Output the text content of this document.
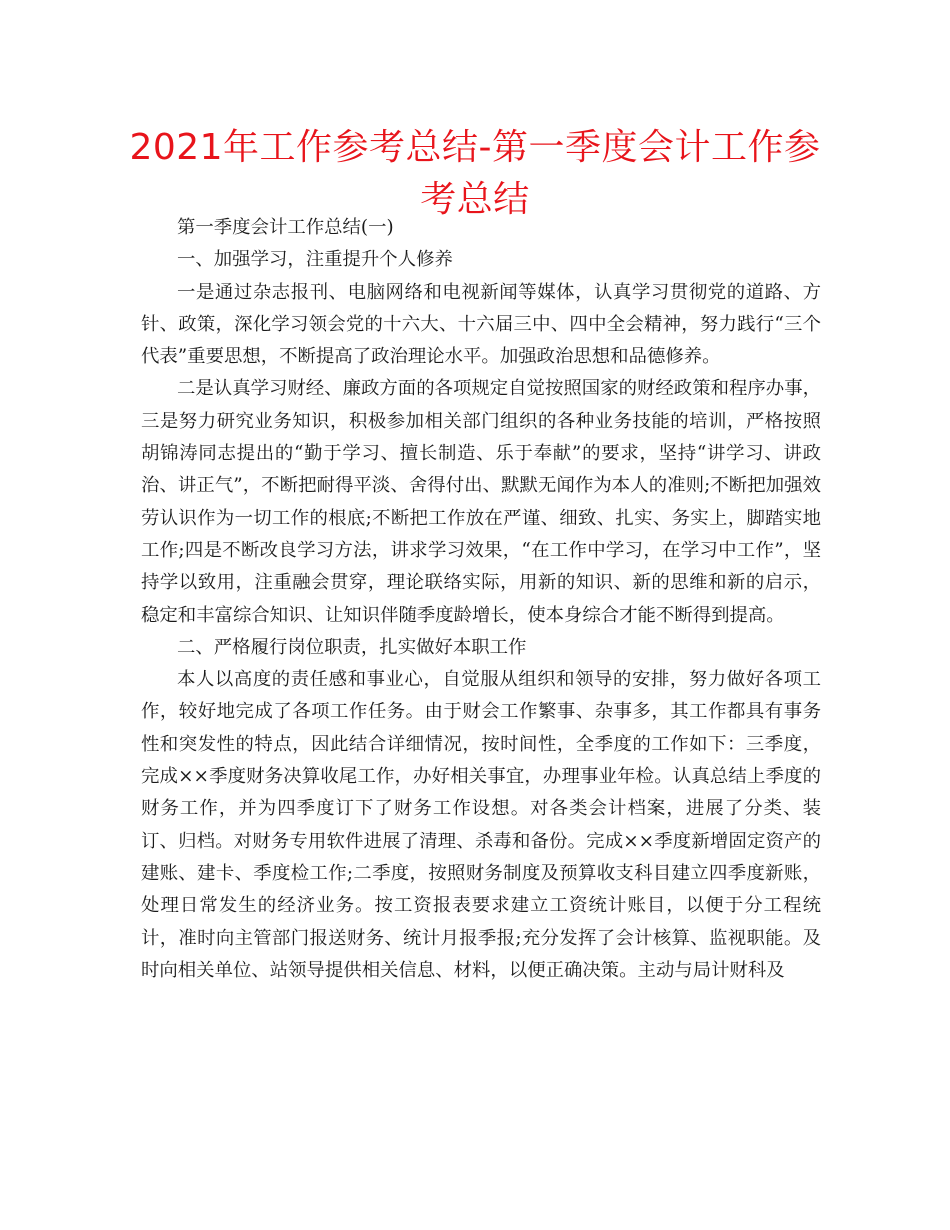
2021年工作参考总结-第一季度会计工作参考总结

第一季度会计工作总结(一)

一、加强学习，注重提升个人修养

一是通过杂志报刊、电脑网络和电视新闻等媒体，认真学习贯彻党的道路、方针、政策，深化学习领会党的十六大、十六届三中、四中全会精神，努力践行“三个代表”重要思想，不断提高了政治理论水平。加强政治思想和品德修养。

二是认真学习财经、廉政方面的各项规定自觉按照国家的财经政策和程序办事，三是努力研究业务知识，积极参加相关部门组织的各种业务技能的培训，严格按照胡锦涛同志提出的“勤于学习、擅长制造、乐于奉献”的要求，坚持“讲学习、讲政治、讲正气”，不断把耐得平淡、舍得付出、默默无闻作为本人的准则;不断把加强效劳认识作为一切工作的根底;不断把工作放在严谨、细致、扎实、务实上，脚踏实地工作;四是不断改良学习方法，讲求学习效果，“在工作中学习，在学习中工作”，坚持学以致用，注重融会贯穿，理论联络实际，用新的知识、新的思维和新的启示，稳定和丰富综合知识、让知识伴随季度龄增长，使本身综合才能不断得到提高。

二、严格履行岗位职责，扎实做好本职工作

本人以高度的责任感和事业心，自觉服从组织和领导的安排，努力做好各项工作，较好地完成了各项工作任务。由于财会工作繁事、杂事多，其工作都具有事务性和突发性的特点，因此结合详细情况，按时间性，全季度的工作如下：三季度，完成××季度财务决算收尾工作，办好相关事宜，办理事业年检。认真总结上季度的财务工作，并为四季度订下了财务工作设想。对各类会计档案，进展了分类、装订、归档。对财务专用软件进展了清理、杀毒和备份。完成××季度新增固定资产的建账、建卡、季度检工作;二季度，按照财务制度及预算收支科目建立四季度新账，处理日常发生的经济业务。按工资报表要求建立工资统计账目，以便于分工程统计，准时向主管部门报送财务、统计月报季报;充分发挥了会计核算、监视职能。及时向相关单位、站领导提供相关信息、材料，以便正确决策。主动与局计财科及
